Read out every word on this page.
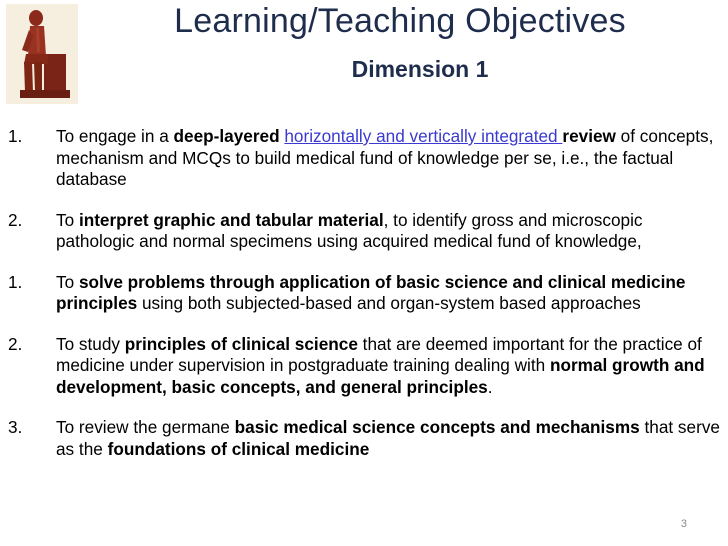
Learning/Teaching Objectives
Dimension 1
1. To engage in a deep-layered horizontally and vertically integrated review of concepts, mechanism and MCQs to build medical fund of knowledge per se, i.e., the factual database
2. To interpret graphic and tabular material, to identify gross and microscopic pathologic and normal specimens using acquired medical fund of knowledge,
1. To solve problems through application of basic science and clinical medicine principles using both subjected-based and organ-system based approaches
2. To study principles of clinical science that are deemed important for the practice of medicine under supervision in postgraduate training dealing with normal growth and development, basic concepts, and general principles.
3. To review the germane basic medical science concepts and mechanisms that serve as the foundations of clinical medicine
3
